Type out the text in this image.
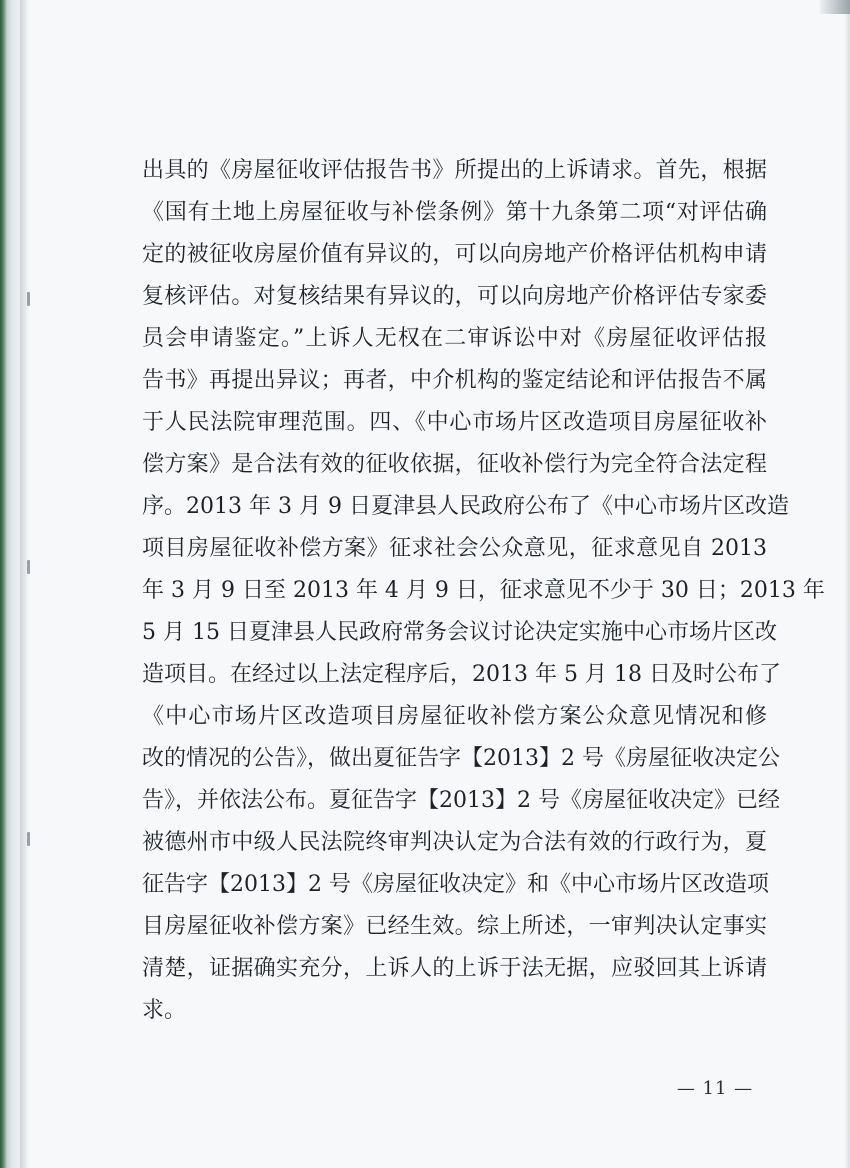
出具的《房屋征收评估报告书》所提出的上诉请求。首先，根据
《国有土地上房屋征收与补偿条例》第十九条第二项“对评估确
定的被征收房屋价值有异议的，可以向房地产价格评估机构申请
复核评估。对复核结果有异议的，可以向房地产价格评估专家委
员会申请鉴定。”上诉人无权在二审诉讼中对《房屋征收评估报
告书》再提出异议；再者，中介机构的鉴定结论和评估报告不属
于人民法院审理范围。四、《中心市场片区改造项目房屋征收补
偿方案》是合法有效的征收依据，征收补偿行为完全符合法定程
序。2013 年 3 月 9 日夏津县人民政府公布了《中心市场片区改造
项目房屋征收补偿方案》征求社会公众意见，征求意见自 2013
年 3 月 9 日至 2013 年 4 月 9 日，征求意见不少于 30 日；2013 年
5 月 15 日夏津县人民政府常务会议讨论决定实施中心市场片区改
造项目。在经过以上法定程序后，2013 年 5 月 18 日及时公布了
《中心市场片区改造项目房屋征收补偿方案公众意见情况和修
改的情况的公告》，做出夏征告字【2013】2 号《房屋征收决定公
告》，并依法公布。夏征告字【2013】2 号《房屋征收决定》已经
被德州市中级人民法院终审判决认定为合法有效的行政行为，夏
征告字【2013】2 号《房屋征收决定》和《中心市场片区改造项
目房屋征收补偿方案》已经生效。综上所述，一审判决认定事实
清楚，证据确实充分，上诉人的上诉于法无据，应驳回其上诉请
求。
— 11 —
